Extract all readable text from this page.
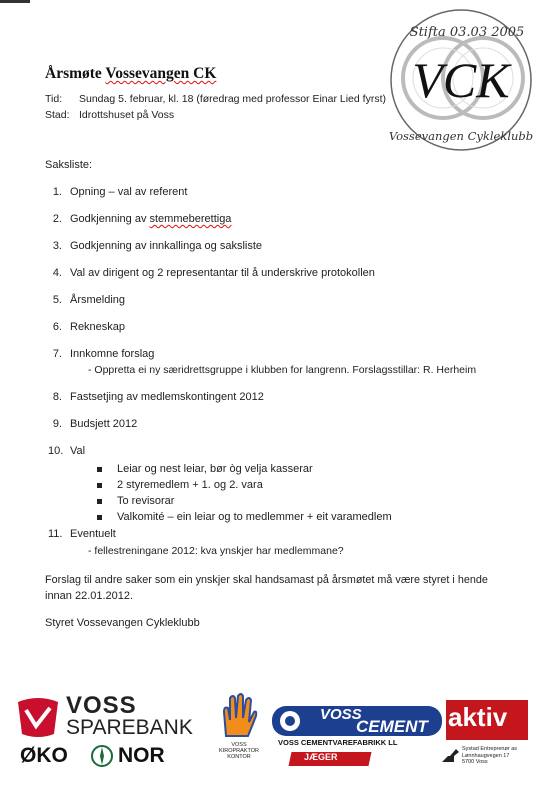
VCK
Stifta 03.03 2005
Vossevangen Cykleklubb
Årsmøte Vossevangen CK
Tid: Sundag 5. februar, kl. 18 (føredrag med professor Einar Lied fyrst)
Stad: Idrottshuset på Voss
Saksliste:
1. Opning – val av referent
2. Godkjenning av stemmeberettiga
3. Godkjenning av innkallinga og saksliste
4. Val av dirigent og 2 representantar til å underskrive protokollen
5. Årsmelding
6. Rekneskap
7. Innkomne forslag
- Oppretta ei ny særidrettsgruppe i klubben for langrenn. Forslagsstillar: R. Herheim
8. Fastsetjing av medlemskontingent 2012
9. Budsjett 2012
10. Val
Leiar og nest leiar, bør òg velja kasserar
2 styremedlem + 1. og 2. vara
To revisorar
Valkomité – ein leiar og to medlemmer + eit varamedlem
11. Eventuelt
- fellestreningane 2012: kva ynskjer har medlemmane?
Forslag til andre saker som ein ynskjer skal handsamast på årsmøtet må være styret i hende
innan 22.01.2012.
Styret Vossevangen Cykleklubb
VOSS
SPAREBANK
ØKO NOR	VOSS
KIROPRAKTOR
KONTOR
VOSS
CEMENT
VOSS CEMENTVAREFABRIKK LL
JÆGER
aktiv
Systad Entreprenør as
Lønnhaugvegen 17
5700 Voss
